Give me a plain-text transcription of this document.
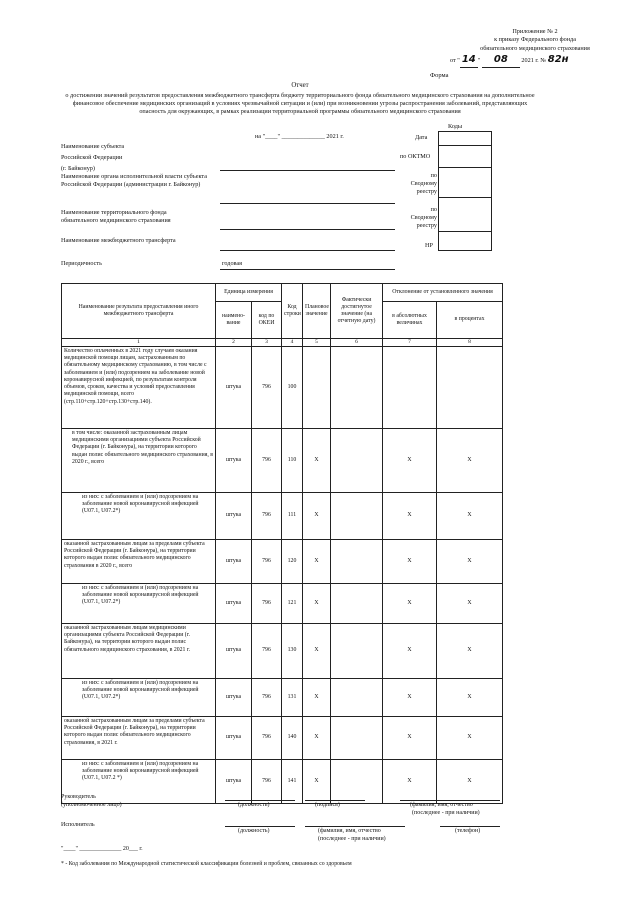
Приложение № 2
к приказу Федерального фонда
обязательного медицинского страхования
от " 14 " 08 2021 г. № 82н
Форма
Отчет
о достижении значений результатов предоставления межбюджетного трансферта бюджету территориального фонда обязательного медицинского страхования на дополнительное финансовое обеспечение медицинских организаций в условиях чрезвычайной ситуации и (или) при возникновении угрозы распространения заболеваний, представляющих опасность для окружающих, в рамках реализации территориальной программы обязательного медицинского страхования
Коды
на "____" ______________ 2021 г.	Дата
по ОКТМО
по Сводному реестру
по Сводному реестру
НР
Наименование субъекта
Российской Федерации
(г. Байконур)
Наименование органа исполнительной власти субъекта Российской Федерации (администрации г. Байконур)
Наименование территориального фонда обязательного медицинского страхования
Наименование межбюджетного трансферта
Периодичность	годовая
Наименование результата предоставления иного межбюджетного трансферта	Единица измерения		Код строки	Плановое значение	Фактически достигнутое значение (на отчетную дату)	Отклонение от установленного значения	
	наимено-вание	код по ОКЕИ				в абсолютных величинах	в процентах
1	2	3	4	5	6	7	8
Количество оплаченных в 2021 году случаев оказания медицинской помощи лицам, застрахованным по обязательному медицинскому страхованию, в том числе с заболеванием и (или) подозрением на заболевание новой коронавирусной инфекцией, по результатам контроля объемов, сроков, качества и условий предоставления медицинской помощи, всего (стр.110+стр.120+стр.130+стр.140).	штука	796	100				
в том числе: оказанной застрахованным лицам медицинскими организациями субъекта Российской Федерации (г. Байконура), на территории которого выдан полис обязательного медицинского страхования, в 2020 г., всего	штука	796	110	X		X	X
из них: с заболеванием и (или) подозрением на заболевание новой коронавирусной инфекцией (U07.1, U07.2*)	штука	796	111	X		X	X
оказанной застрахованным лицам за пределами субъекта Российской Федерации (г. Байконура), на территории которого выдан полис обязательного медицинского страхования в 2020 г., всего	штука	796	120	X		X	X
из них: с заболеванием и (или) подозрением на заболевание новой коронавирусной инфекцией (U07.1, U07.2*)	штука	796	121	X		X	X
оказанной застрахованным лицам медицинскими организациями субъекта Российской Федерации (г. Байконура), на территории которого выдан полис обязательного медицинского страхования, в 2021 г.	штука	796	130	X		X	X
из них: с заболеванием и (или) подозрением на заболевание новой коронавирусной инфекцией (U07.1, U07.2*)	штука	796	131	X		X	X
оказанной застрахованным лицам за пределами субъекта Российской Федерации (г. Байконура), на территории которого выдан полис обязательного медицинского страхования, в 2021 г.	штука	796	140	X		X	X
из них: с заболеванием и (или) подозрением на заболевание новой коронавирусной инфекцией (U07.1, U07.2 *)	штука	796	141	X		X	X
Руководитель
(уполномоченное лицо)	(должность)	(подпись)	(фамилия, имя, отчество
(последнее - при наличии)
Исполнитель
(должность)	(фамилия, имя, отчество
(последнее - при наличии)
(телефон)
"____" ______________ 20___ г.
* - Код заболевания по Международной статистической классификации болезней и проблем, связанных со здоровьем
